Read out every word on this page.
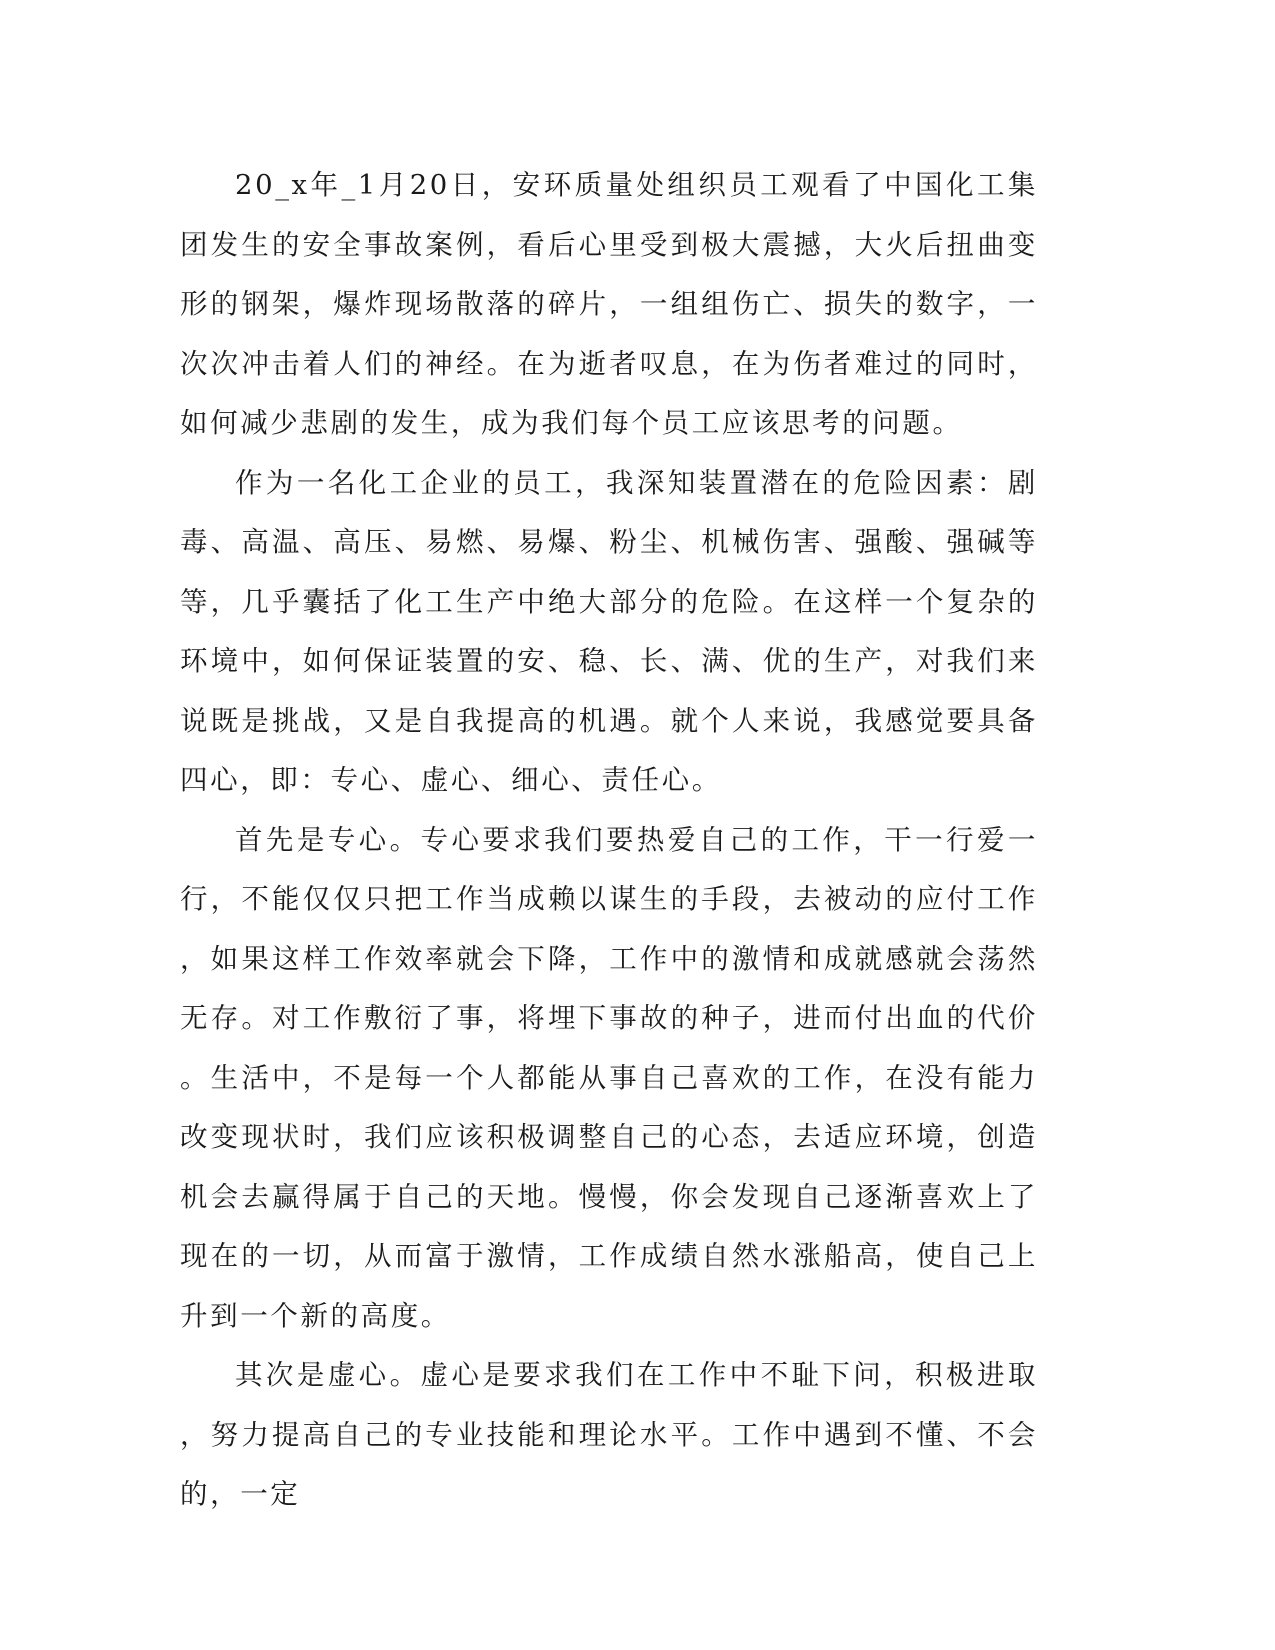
20_x年_1月20日，安环质量处组织员工观看了中国化工集团发生的安全事故案例，看后心里受到极大震撼，大火后扭曲变形的钢架，爆炸现场散落的碎片，一组组伤亡、损失的数字，一次次冲击着人们的神经。在为逝者叹息，在为伤者难过的同时，如何减少悲剧的发生，成为我们每个员工应该思考的问题。

作为一名化工企业的员工，我深知装置潜在的危险因素：剧毒、高温、高压、易燃、易爆、粉尘、机械伤害、强酸、强碱等等，几乎囊括了化工生产中绝大部分的危险。在这样一个复杂的环境中，如何保证装置的安、稳、长、满、优的生产，对我们来说既是挑战，又是自我提高的机遇。就个人来说，我感觉要具备四心，即：专心、虚心、细心、责任心。

首先是专心。专心要求我们要热爱自己的工作，干一行爱一行，不能仅仅只把工作当成赖以谋生的手段，去被动的应付工作，如果这样工作效率就会下降，工作中的激情和成就感就会荡然无存。对工作敷衍了事，将埋下事故的种子，进而付出血的代价。生活中，不是每一个人都能从事自己喜欢的工作，在没有能力改变现状时，我们应该积极调整自己的心态，去适应环境，创造机会去赢得属于自己的天地。慢慢，你会发现自己逐渐喜欢上了现在的一切，从而富于激情，工作成绩自然水涨船高，使自己上升到一个新的高度。

其次是虚心。虚心是要求我们在工作中不耻下问，积极进取，努力提高自己的专业技能和理论水平。工作中遇到不懂、不会的，一定
